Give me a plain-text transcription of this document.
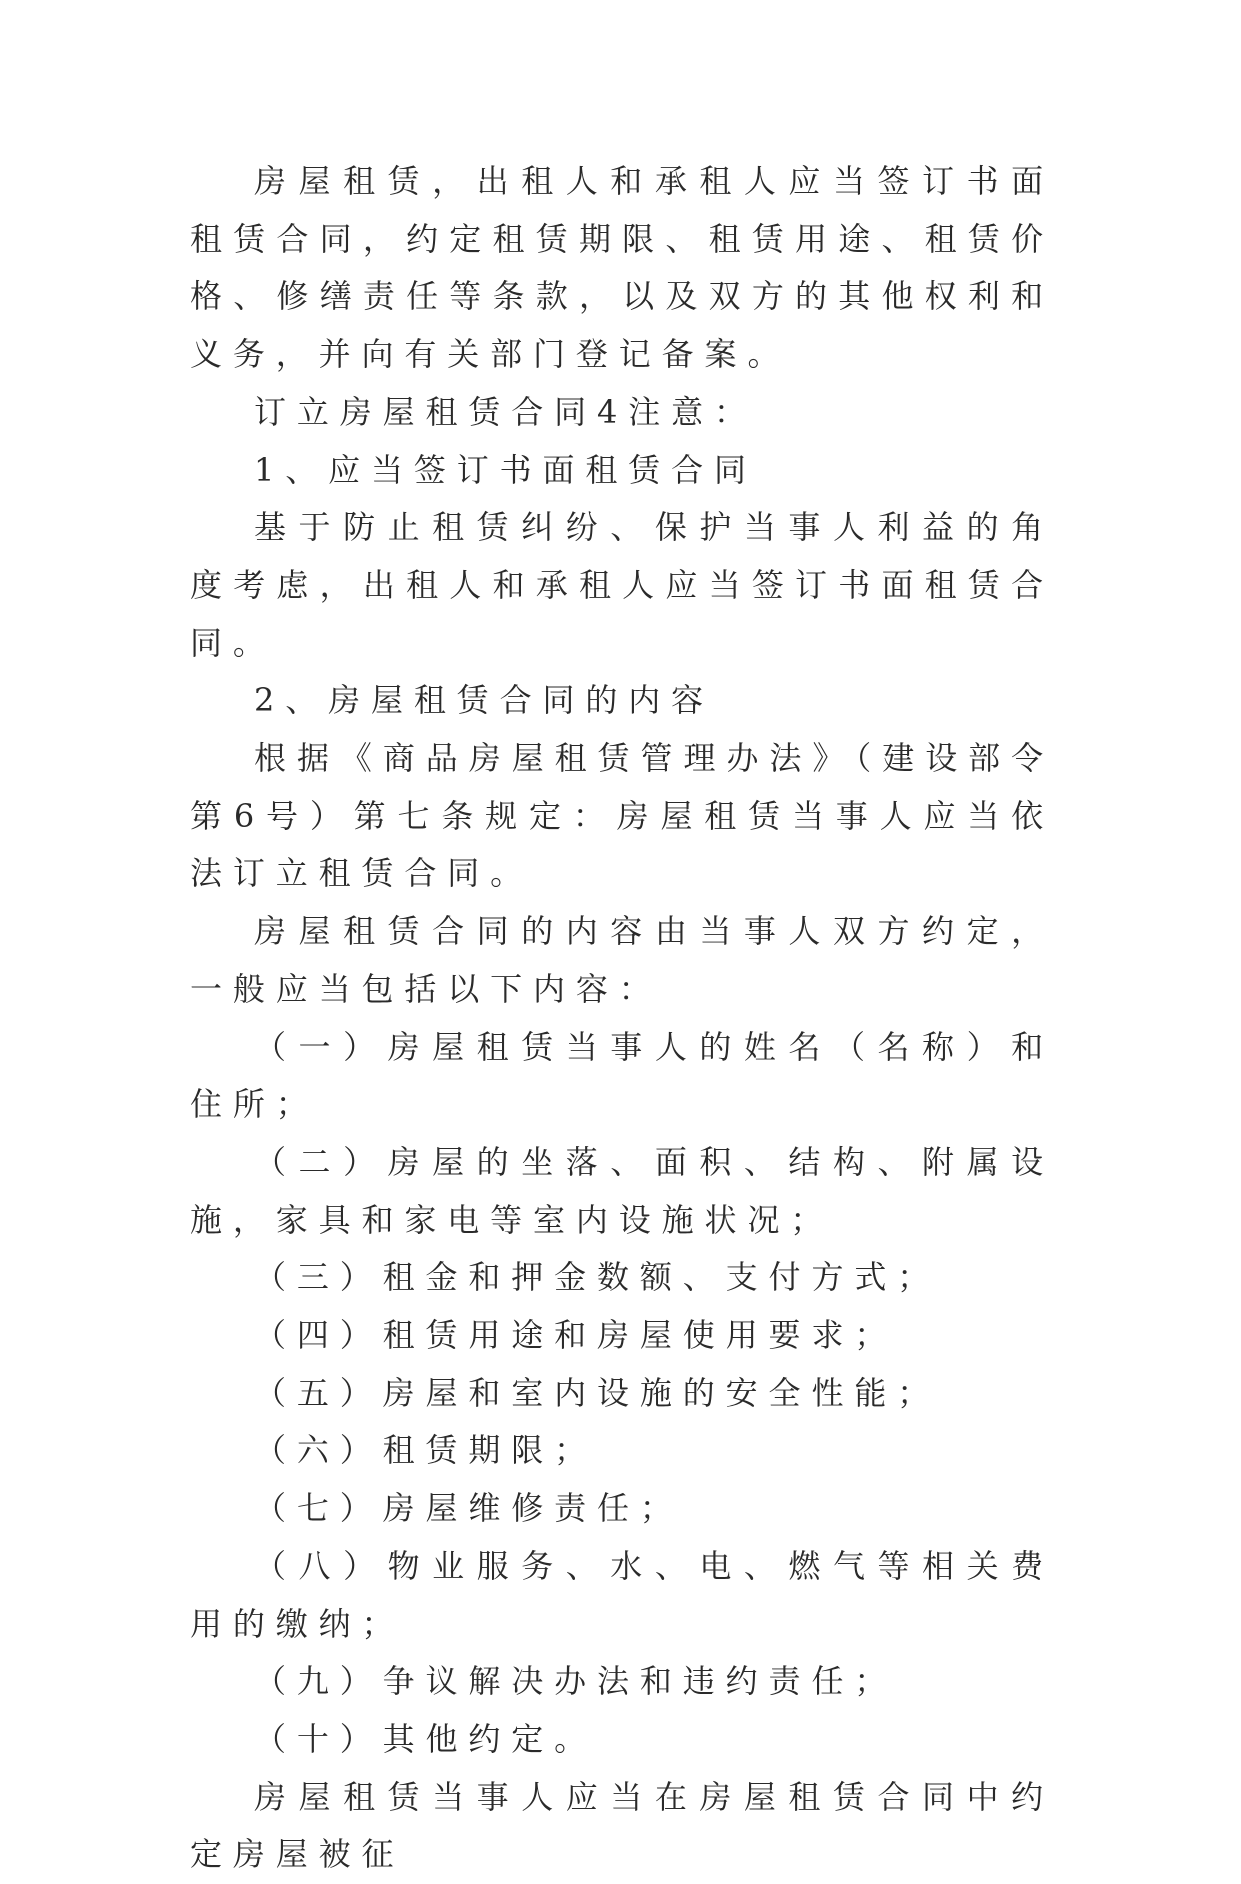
房屋租赁，出租人和承租人应当签订书面租赁合同，约定租赁期限、租赁用途、租赁价格、修缮责任等条款，以及双方的其他权利和义务，并向有关部门登记备案。

订立房屋租赁合同4注意：

1、应当签订书面租赁合同

基于防止租赁纠纷、保护当事人利益的角度考虑，出租人和承租人应当签订书面租赁合同。

2、房屋租赁合同的内容

根据《商品房屋租赁管理办法》（建设部令第6号）第七条规定：房屋租赁当事人应当依法订立租赁合同。

房屋租赁合同的内容由当事人双方约定，一般应当包括以下内容：

（一）房屋租赁当事人的姓名（名称）和住所；

（二）房屋的坐落、面积、结构、附属设施，家具和家电等室内设施状况；

（三）租金和押金数额、支付方式；

（四）租赁用途和房屋使用要求；

（五）房屋和室内设施的安全性能；

（六）租赁期限；

（七）房屋维修责任；

（八）物业服务、水、电、燃气等相关费用的缴纳；

（九）争议解决办法和违约责任；

（十）其他约定。

房屋租赁当事人应当在房屋租赁合同中约定房屋被征
